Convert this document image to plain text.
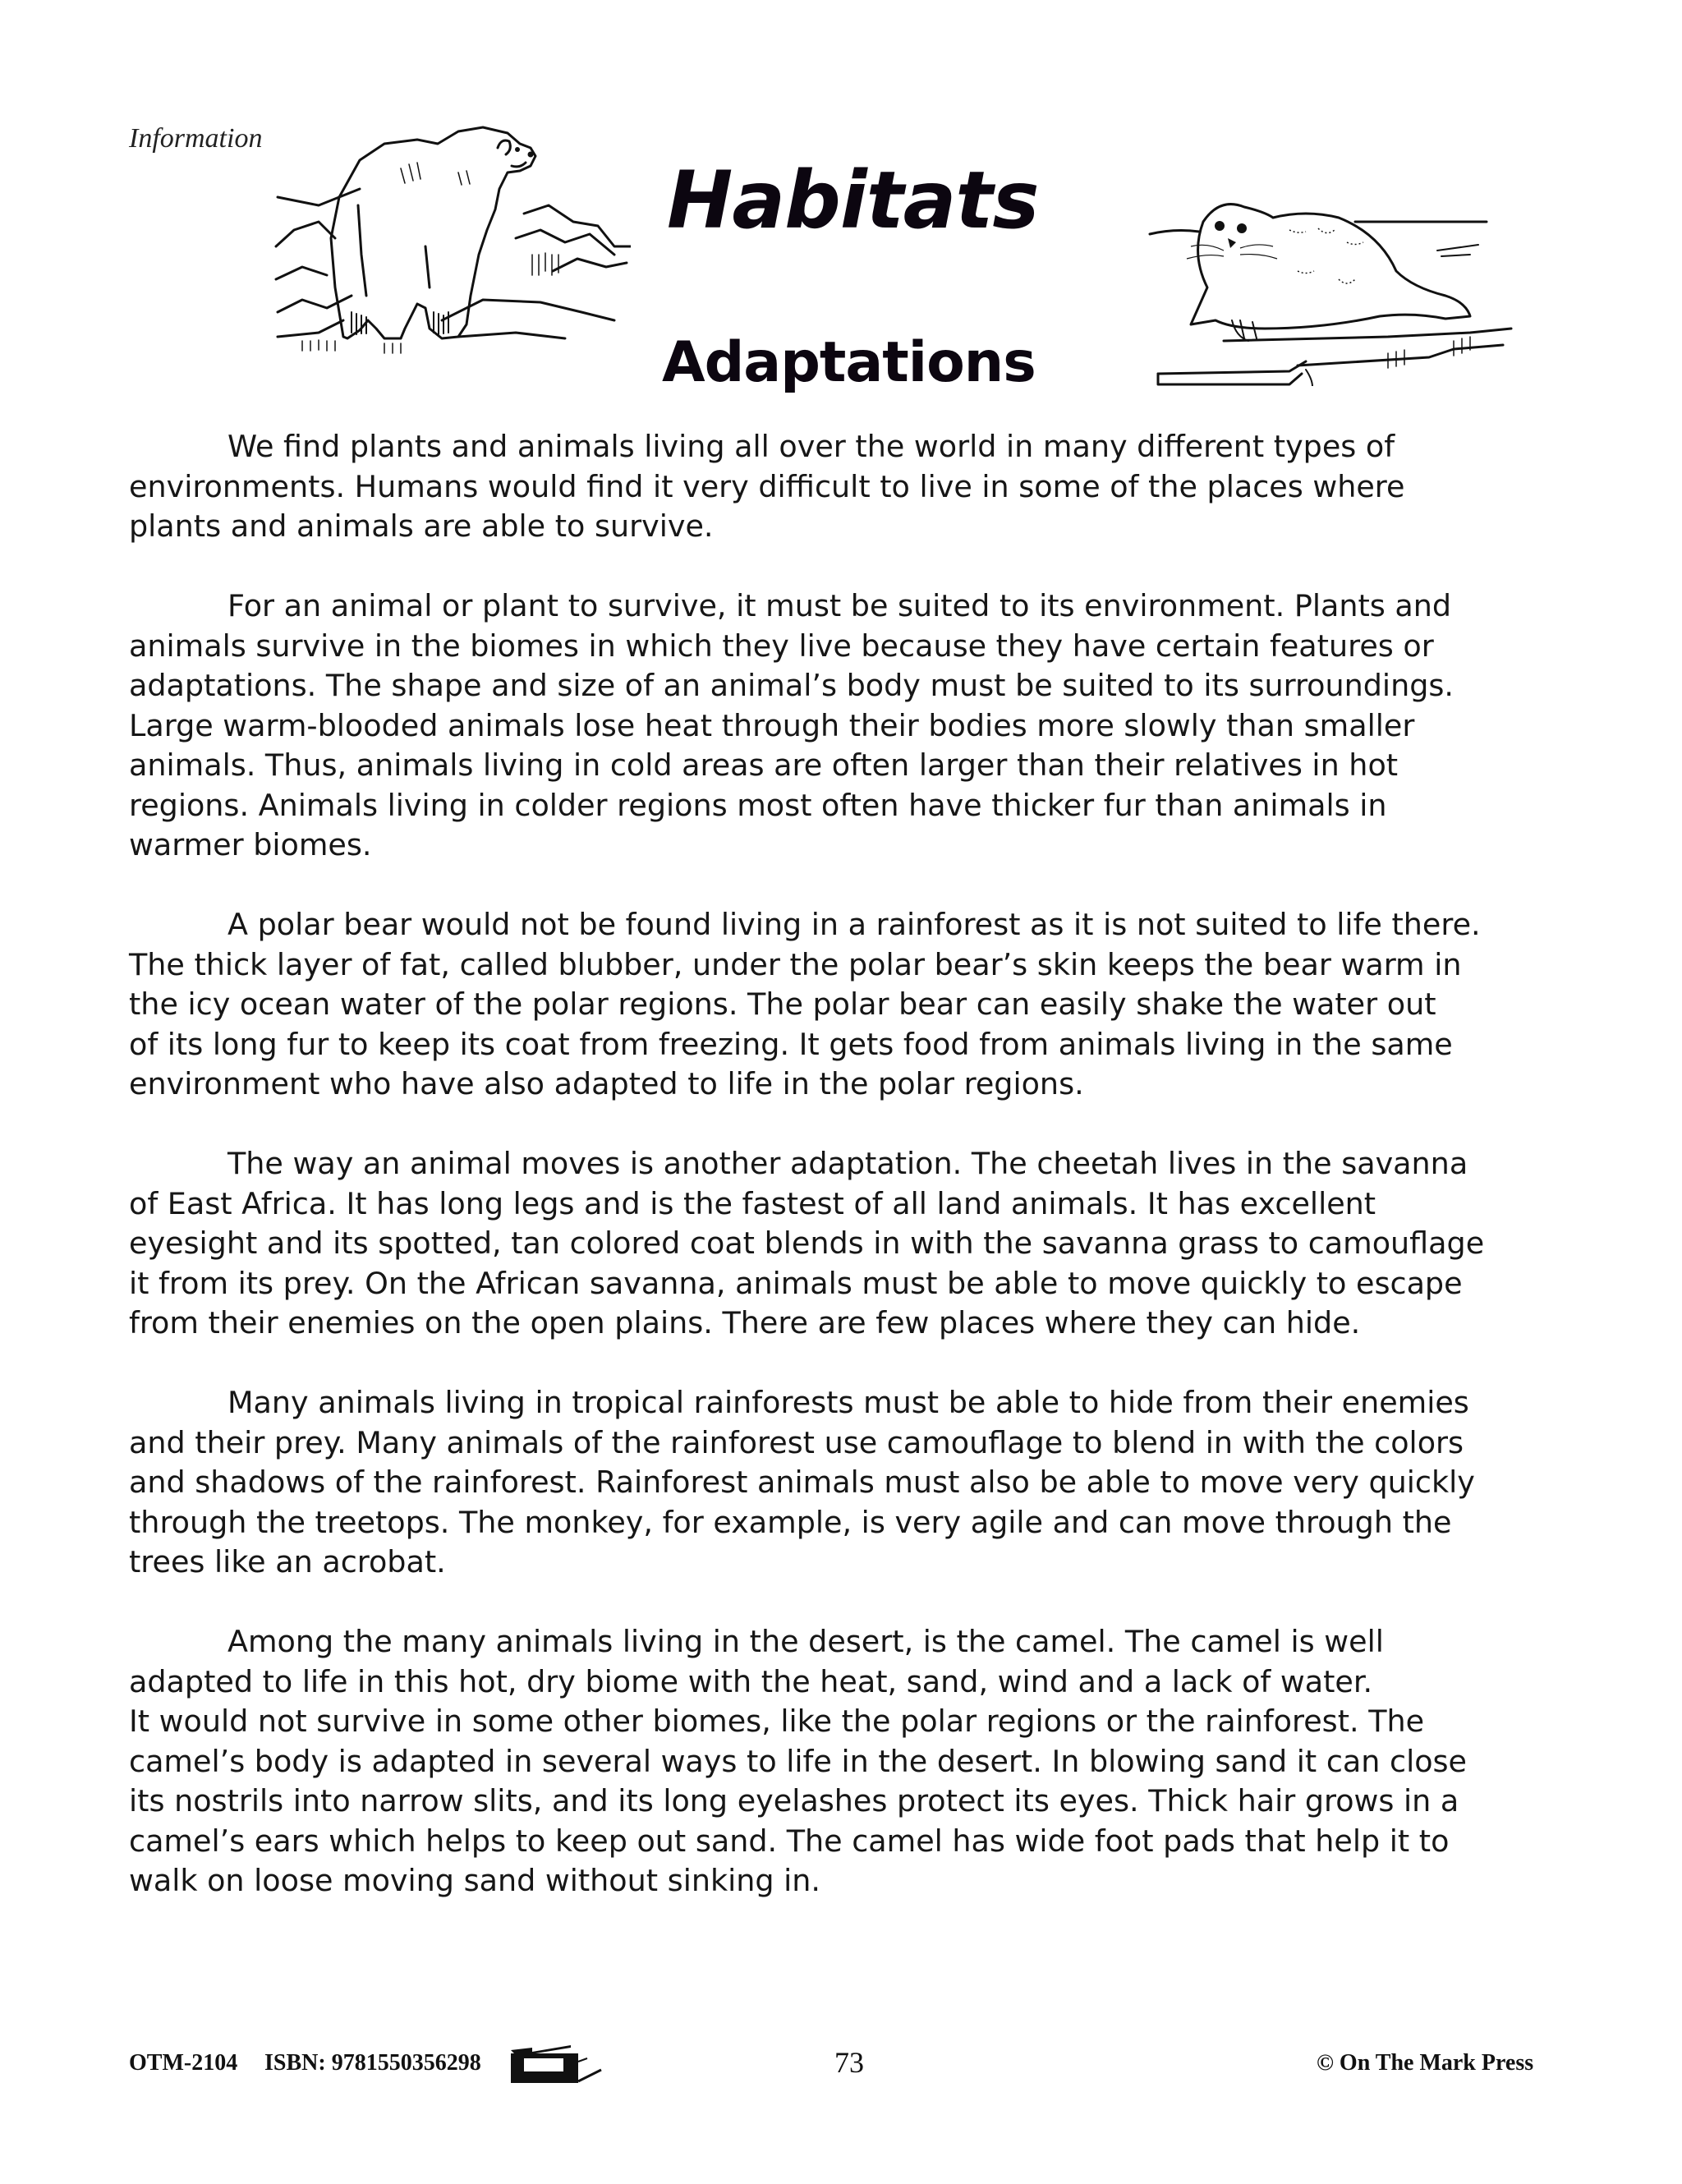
Information
Habitats
Adaptations

We find plants and animals living all over the world in many different types of
environments. Humans would find it very difficult to live in some of the places where
plants and animals are able to survive.

For an animal or plant to survive, it must be suited to its environment. Plants and
animals survive in the biomes in which they live because they have certain features or
adaptations. The shape and size of an animal’s body must be suited to its surroundings.
Large warm-blooded animals lose heat through their bodies more slowly than smaller
animals. Thus, animals living in cold areas are often larger than their relatives in hot
regions. Animals living in colder regions most often have thicker fur than animals in
warmer biomes.

A polar bear would not be found living in a rainforest as it is not suited to life there.
The thick layer of fat, called blubber, under the polar bear’s skin keeps the bear warm in
the icy ocean water of the polar regions. The polar bear can easily shake the water out
of its long fur to keep its coat from freezing. It gets food from animals living in the same
environment who have also adapted to life in the polar regions.

The way an animal moves is another adaptation. The cheetah lives in the savanna
of East Africa. It has long legs and is the fastest of all land animals. It has excellent
eyesight and its spotted, tan colored coat blends in with the savanna grass to camouflage
it from its prey. On the African savanna, animals must be able to move quickly to escape
from their enemies on the open plains. There are few places where they can hide.

Many animals living in tropical rainforests must be able to hide from their enemies
and their prey. Many animals of the rainforest use camouflage to blend in with the colors
and shadows of the rainforest. Rainforest animals must also be able to move very quickly
through the treetops. The monkey, for example, is very agile and can move through the
trees like an acrobat.

Among the many animals living in the desert, is the camel. The camel is well
adapted to life in this hot, dry biome with the heat, sand, wind and a lack of water.
It would not survive in some other biomes, like the polar regions or the rainforest. The
camel’s body is adapted in several ways to life in the desert. In blowing sand it can close
its nostrils into narrow slits, and its long eyelashes protect its eyes. Thick hair grows in a
camel’s ears which helps to keep out sand. The camel has wide foot pads that help it to
walk on loose moving sand without sinking in.

OTM-2104 ISBN: 9781550356298	73	© On The Mark Press
